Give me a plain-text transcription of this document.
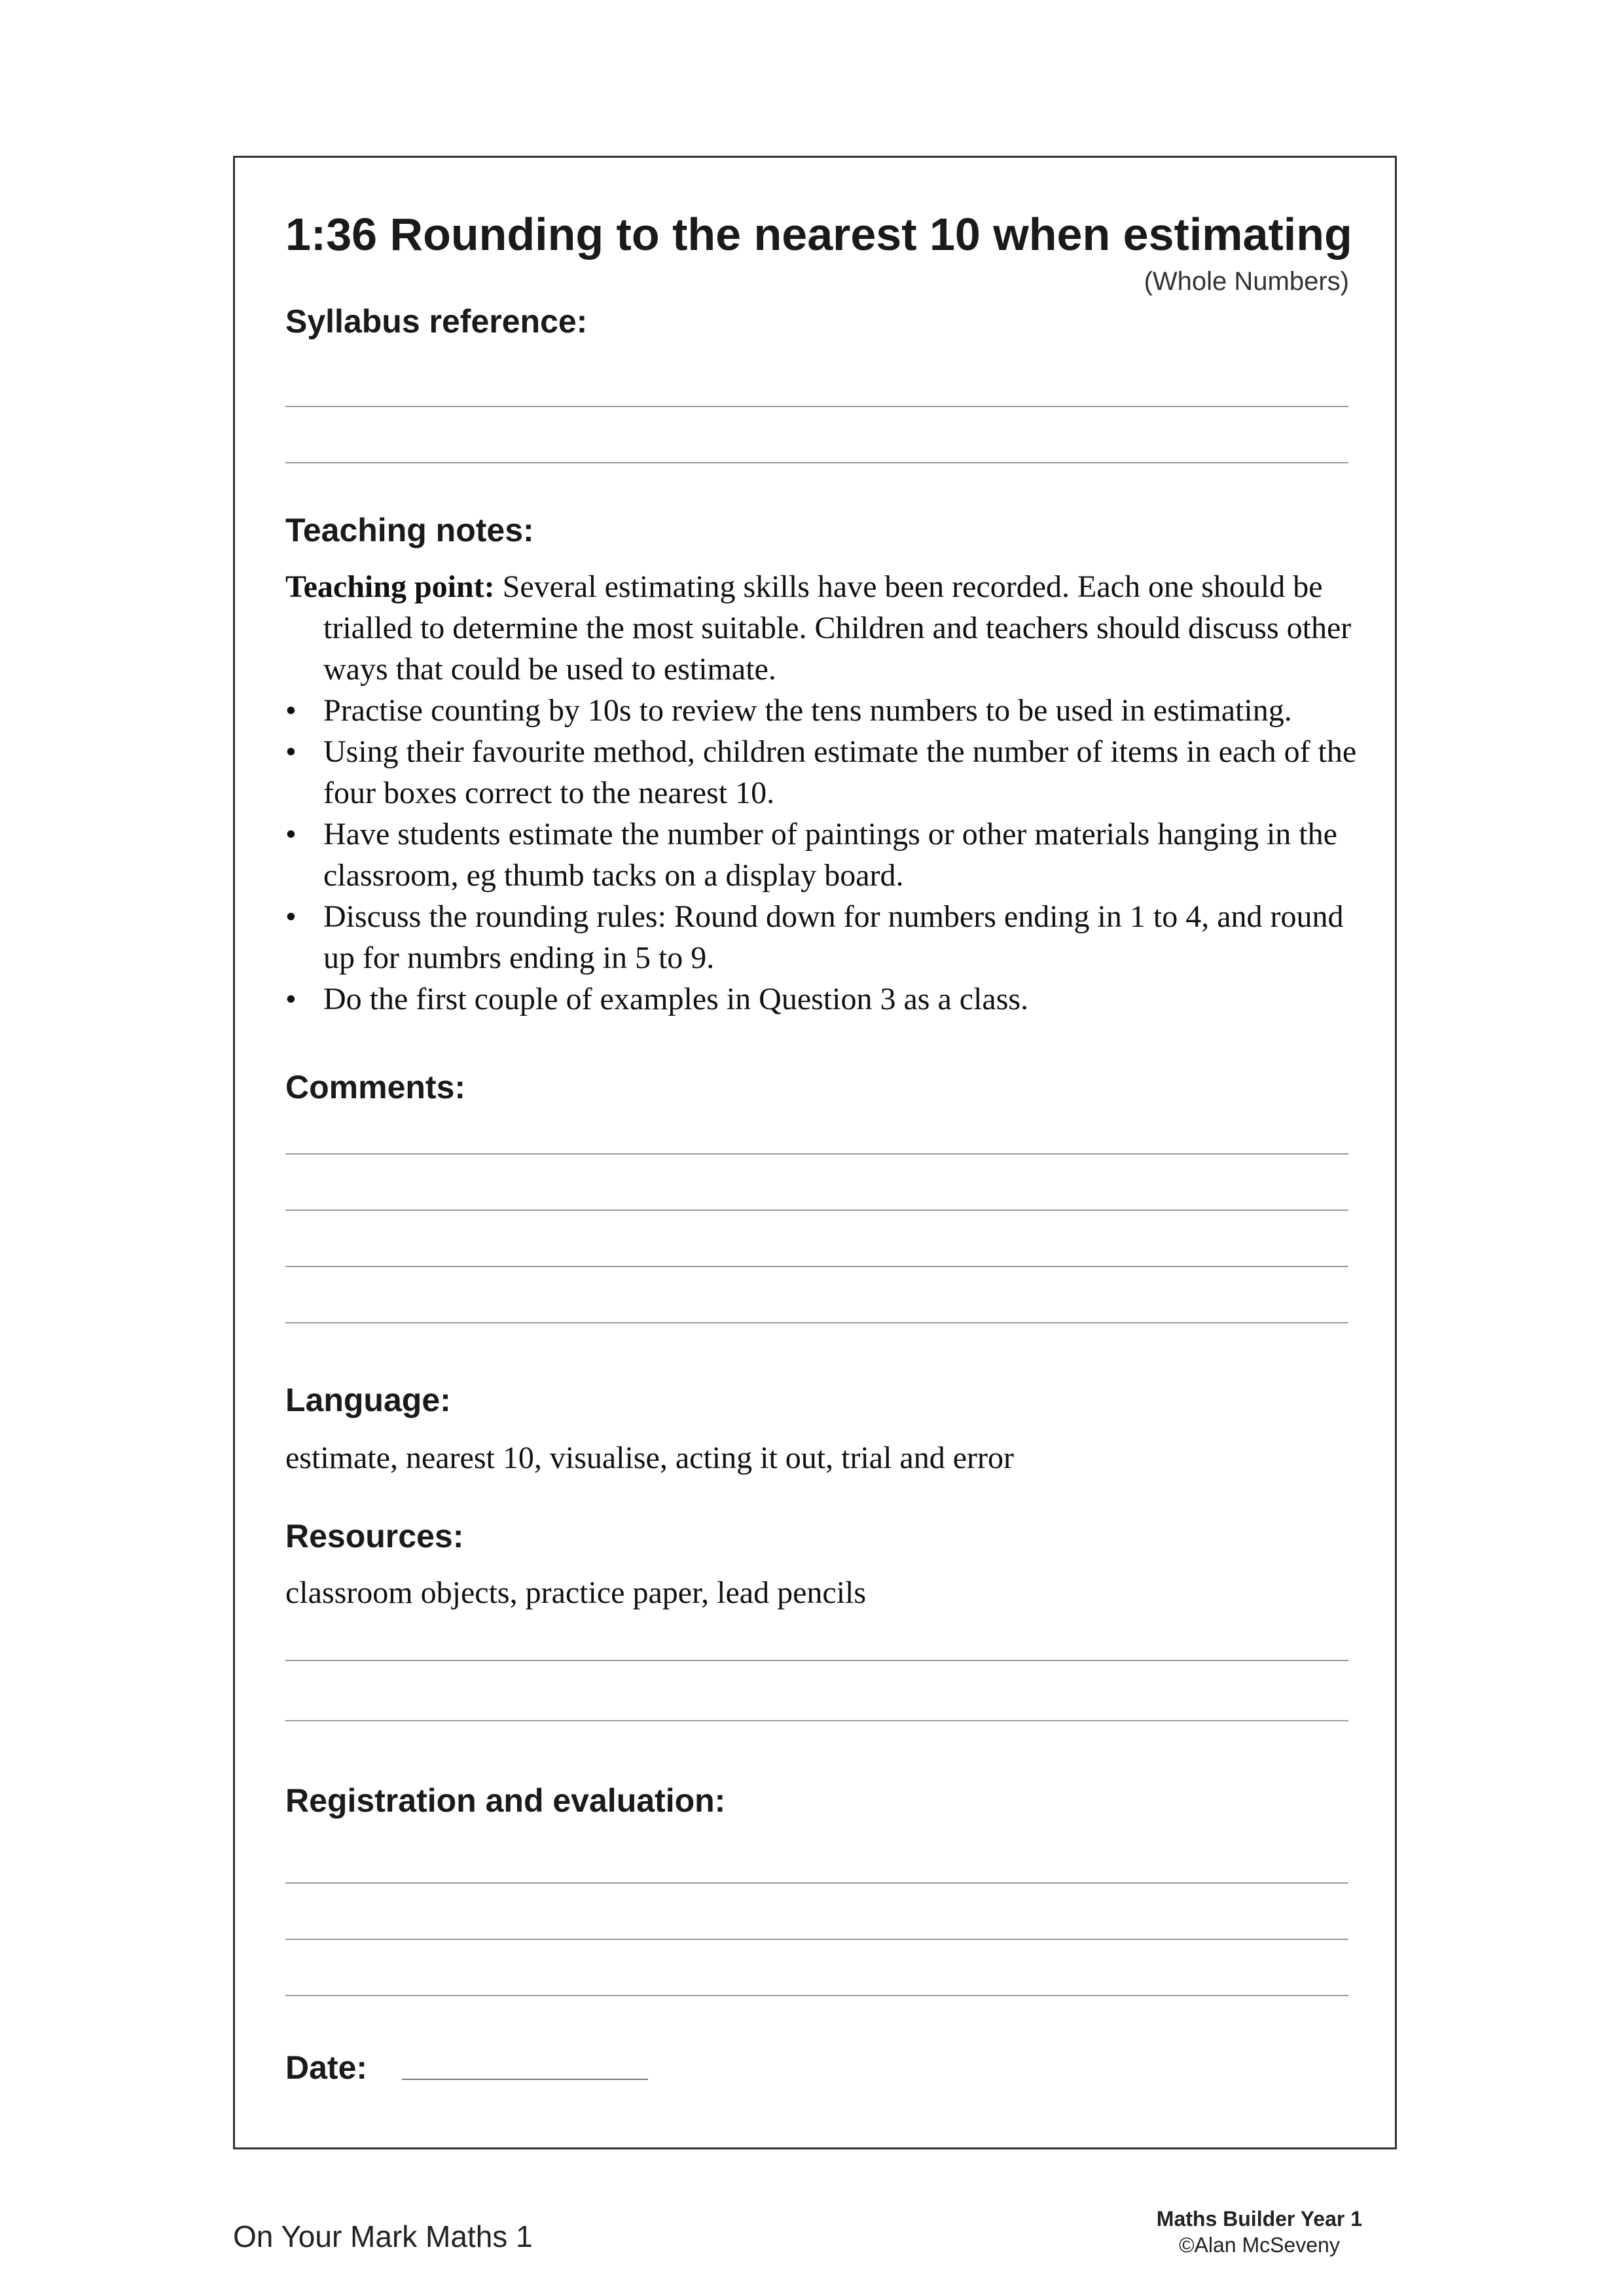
1:36 Rounding to the nearest 10 when estimating
(Whole Numbers)
Syllabus reference:
Teaching notes:

Teaching point: Several estimating skills have been recorded. Each one should be trialled to determine the most suitable. Children and teachers should discuss other ways that could be used to estimate.

• Practise counting by 10s to review the tens numbers to be used in estimating.
• Using their favourite method, children estimate the number of items in each of the four boxes correct to the nearest 10.
• Have students estimate the number of paintings or other materials hanging in the classroom, eg thumb tacks on a display board.
• Discuss the rounding rules: Round down for numbers ending in 1 to 4, and round up for numbrs ending in 5 to 9.
• Do the first couple of examples in Question 3 as a class.
Comments:
Language:
estimate, nearest 10, visualise, acting it out, trial and error
Resources:
classroom objects, practice paper, lead pencils
Registration and evaluation:
Date:
On Your Mark Maths 1
Maths Builder Year 1
©Alan McSeveny
